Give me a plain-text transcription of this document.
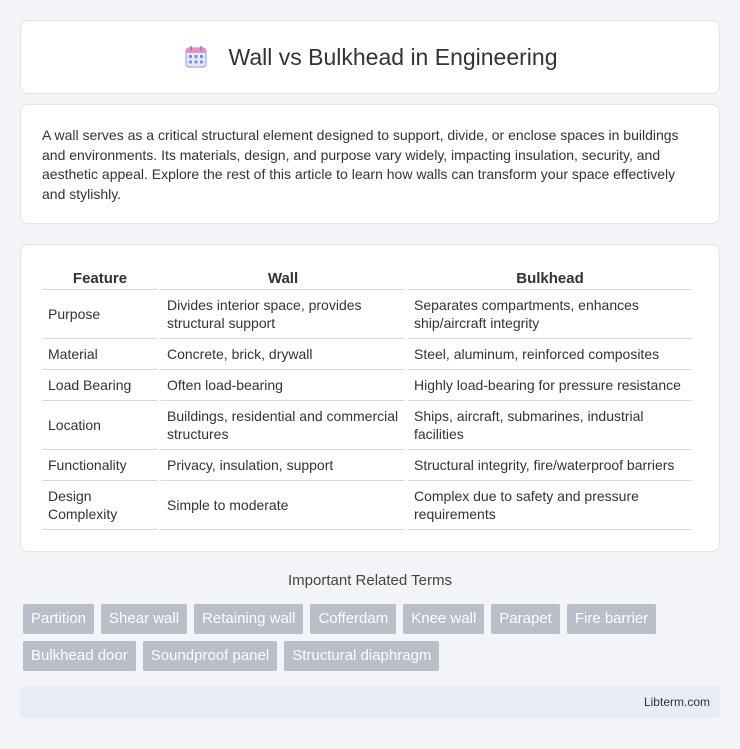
Wall vs Bulkhead in Engineering

A wall serves as a critical structural element designed to support, divide, or enclose spaces in buildings and environments. Its materials, design, and purpose vary widely, impacting insulation, security, and aesthetic appeal. Explore the rest of this article to learn how walls can transform your space effectively and stylishly.

Feature	Wall	Bulkhead
Purpose	Divides interior space, provides structural support	Separates compartments, enhances ship/aircraft integrity
Material	Concrete, brick, drywall	Steel, aluminum, reinforced composites
Load Bearing	Often load-bearing	Highly load-bearing for pressure resistance
Location	Buildings, residential and commercial structures	Ships, aircraft, submarines, industrial facilities
Functionality	Privacy, insulation, support	Structural integrity, fire/waterproof barriers
Design Complexity	Simple to moderate	Complex due to safety and pressure requirements
Important Related Terms
Partition	Shear wall	Retaining wall	Cofferdam	Knee wall	Parapet	Fire barrier
Bulkhead door	Soundproof panel	Structural diaphragm
Libterm.com
